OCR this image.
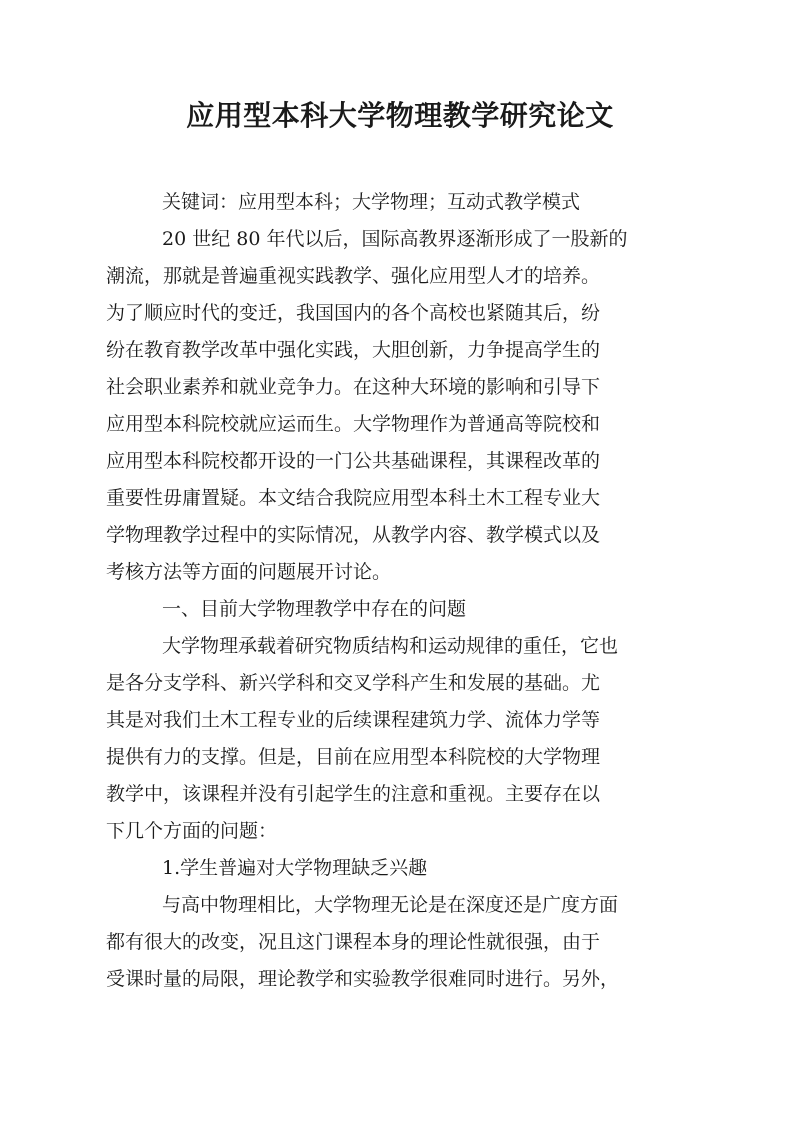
应用型本科大学物理教学研究论文
关键词：应用型本科；大学物理；互动式教学模式
20 世纪 80 年代以后，国际高教界逐渐形成了一股新的
潮流，那就是普遍重视实践教学、强化应用型人才的培养。
为了顺应时代的变迁，我国国内的各个高校也紧随其后，纷
纷在教育教学改革中强化实践，大胆创新，力争提高学生的
社会职业素养和就业竞争力。在这种大环境的影响和引导下
应用型本科院校就应运而生。大学物理作为普通高等院校和
应用型本科院校都开设的一门公共基础课程，其课程改革的
重要性毋庸置疑。本文结合我院应用型本科土木工程专业大
学物理教学过程中的实际情况，从教学内容、教学模式以及
考核方法等方面的问题展开讨论。
一、目前大学物理教学中存在的问题
大学物理承载着研究物质结构和运动规律的重任，它也
是各分支学科、新兴学科和交叉学科产生和发展的基础。尤
其是对我们土木工程专业的后续课程建筑力学、流体力学等
提供有力的支撑。但是，目前在应用型本科院校的大学物理
教学中，该课程并没有引起学生的注意和重视。主要存在以
下几个方面的问题：
1.学生普遍对大学物理缺乏兴趣
与高中物理相比，大学物理无论是在深度还是广度方面
都有很大的改变，况且这门课程本身的理论性就很强，由于
受课时量的局限，理论教学和实验教学很难同时进行。另外，
